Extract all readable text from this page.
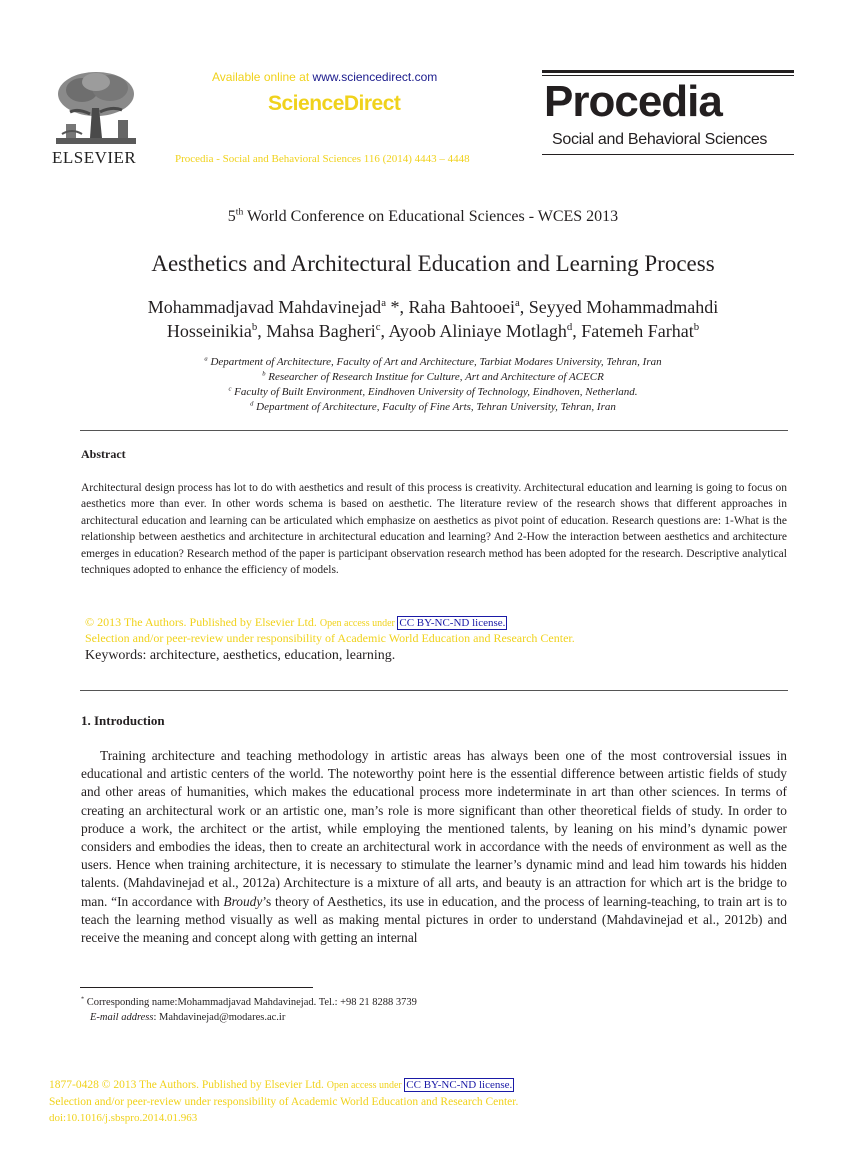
ELSEVIER
Available online at www.sciencedirect.com
ScienceDirect
Procedia - Social and Behavioral Sciences 116 (2014) 4443 – 4448
Procedia
Social and Behavioral Sciences
5th World Conference on Educational Sciences - WCES 2013
Aesthetics and Architectural Education and Learning Process
Mohammadjavad Mahdavinejad$^a$ *, Raha Bahtooei$^a$, Seyyed Mohammadmahdi
Hosseinikia$^b$, Mahsa Bagheri$^c$, Ayoob Aliniaye Motlagh$^d$, Fatemeh Farhat$^b$
$^a$ Department of Architecture, Faculty of Art and Architecture, Tarbiat Modares University, Tehran, Iran
$^b$ Researcher of Research Institue for Culture, Art and Architecture of ACECR
$^c$ Faculty of Built Environment, Eindhoven University of Technology, Eindhoven, Netherland.
$^d$ Department of Architecture, Faculty of Fine Arts, Tehran University, Tehran, Iran
Abstract
Architectural design process has lot to do with aesthetics and result of this process is creativity. Architectural education and learning is going to focus on aesthetics more than ever. In other words schema is based on aesthetic. The literature review of the research shows that different approaches in architectural education and learning can be articulated which emphasize on aesthetics as pivot point of education. Research questions are: 1-What is the relationship between aesthetics and architecture in architectural education and learning? And 2-How the interaction between aesthetics and architecture emerges in education? Research method of the paper is participant observation research method has been adopted for the research. Descriptive analytical techniques adopted to enhance the efficiency of models.
© 2013 The Authors. Published by Elsevier Ltd. Open access under CC BY-NC-ND license.
Selection and/or peer-review under responsibility of Academic World Education and Research Center.
Keywords: architecture, aesthetics, education, learning.
1. Introduction
Training architecture and teaching methodology in artistic areas has always been one of the most controversial issues in educational and artistic centers of the world. The noteworthy point here is the essential difference between artistic fields of study and other areas of humanities, which makes the educational process more indeterminate in art than other sciences. In terms of creating an architectural work or an artistic one, man’s role is more significant than other theoretical fields of study. In order to produce a work, the architect or the artist, while employing the mentioned talents, by leaning on his mind’s dynamic power considers and embodies the ideas, then to create an architectural work in accordance with the needs of environment as well as the users. Hence when training architecture, it is necessary to stimulate the learner’s dynamic mind and lead him towards his hidden talents. (Mahdavinejad et al., 2012a) Architecture is a mixture of all arts, and beauty is an attraction for which art is the bridge to man. “In accordance with Broudy’s theory of Aesthetics, its use in education, and the process of learning-teaching, to train art is to teach the learning method visually as well as making mental pictures in order to understand (Mahdavinejad et al., 2012b) and receive the meaning and concept along with getting an internal
* Corresponding name:Mohammadjavad Mahdavinejad. Tel.: +98 21 8288 3739
E-mail address: Mahdavinejad@modares.ac.ir
1877-0428 © 2013 The Authors. Published by Elsevier Ltd. Open access under CC BY-NC-ND license.
Selection and/or peer-review under responsibility of Academic World Education and Research Center.
doi:10.1016/j.sbspro.2014.01.963
